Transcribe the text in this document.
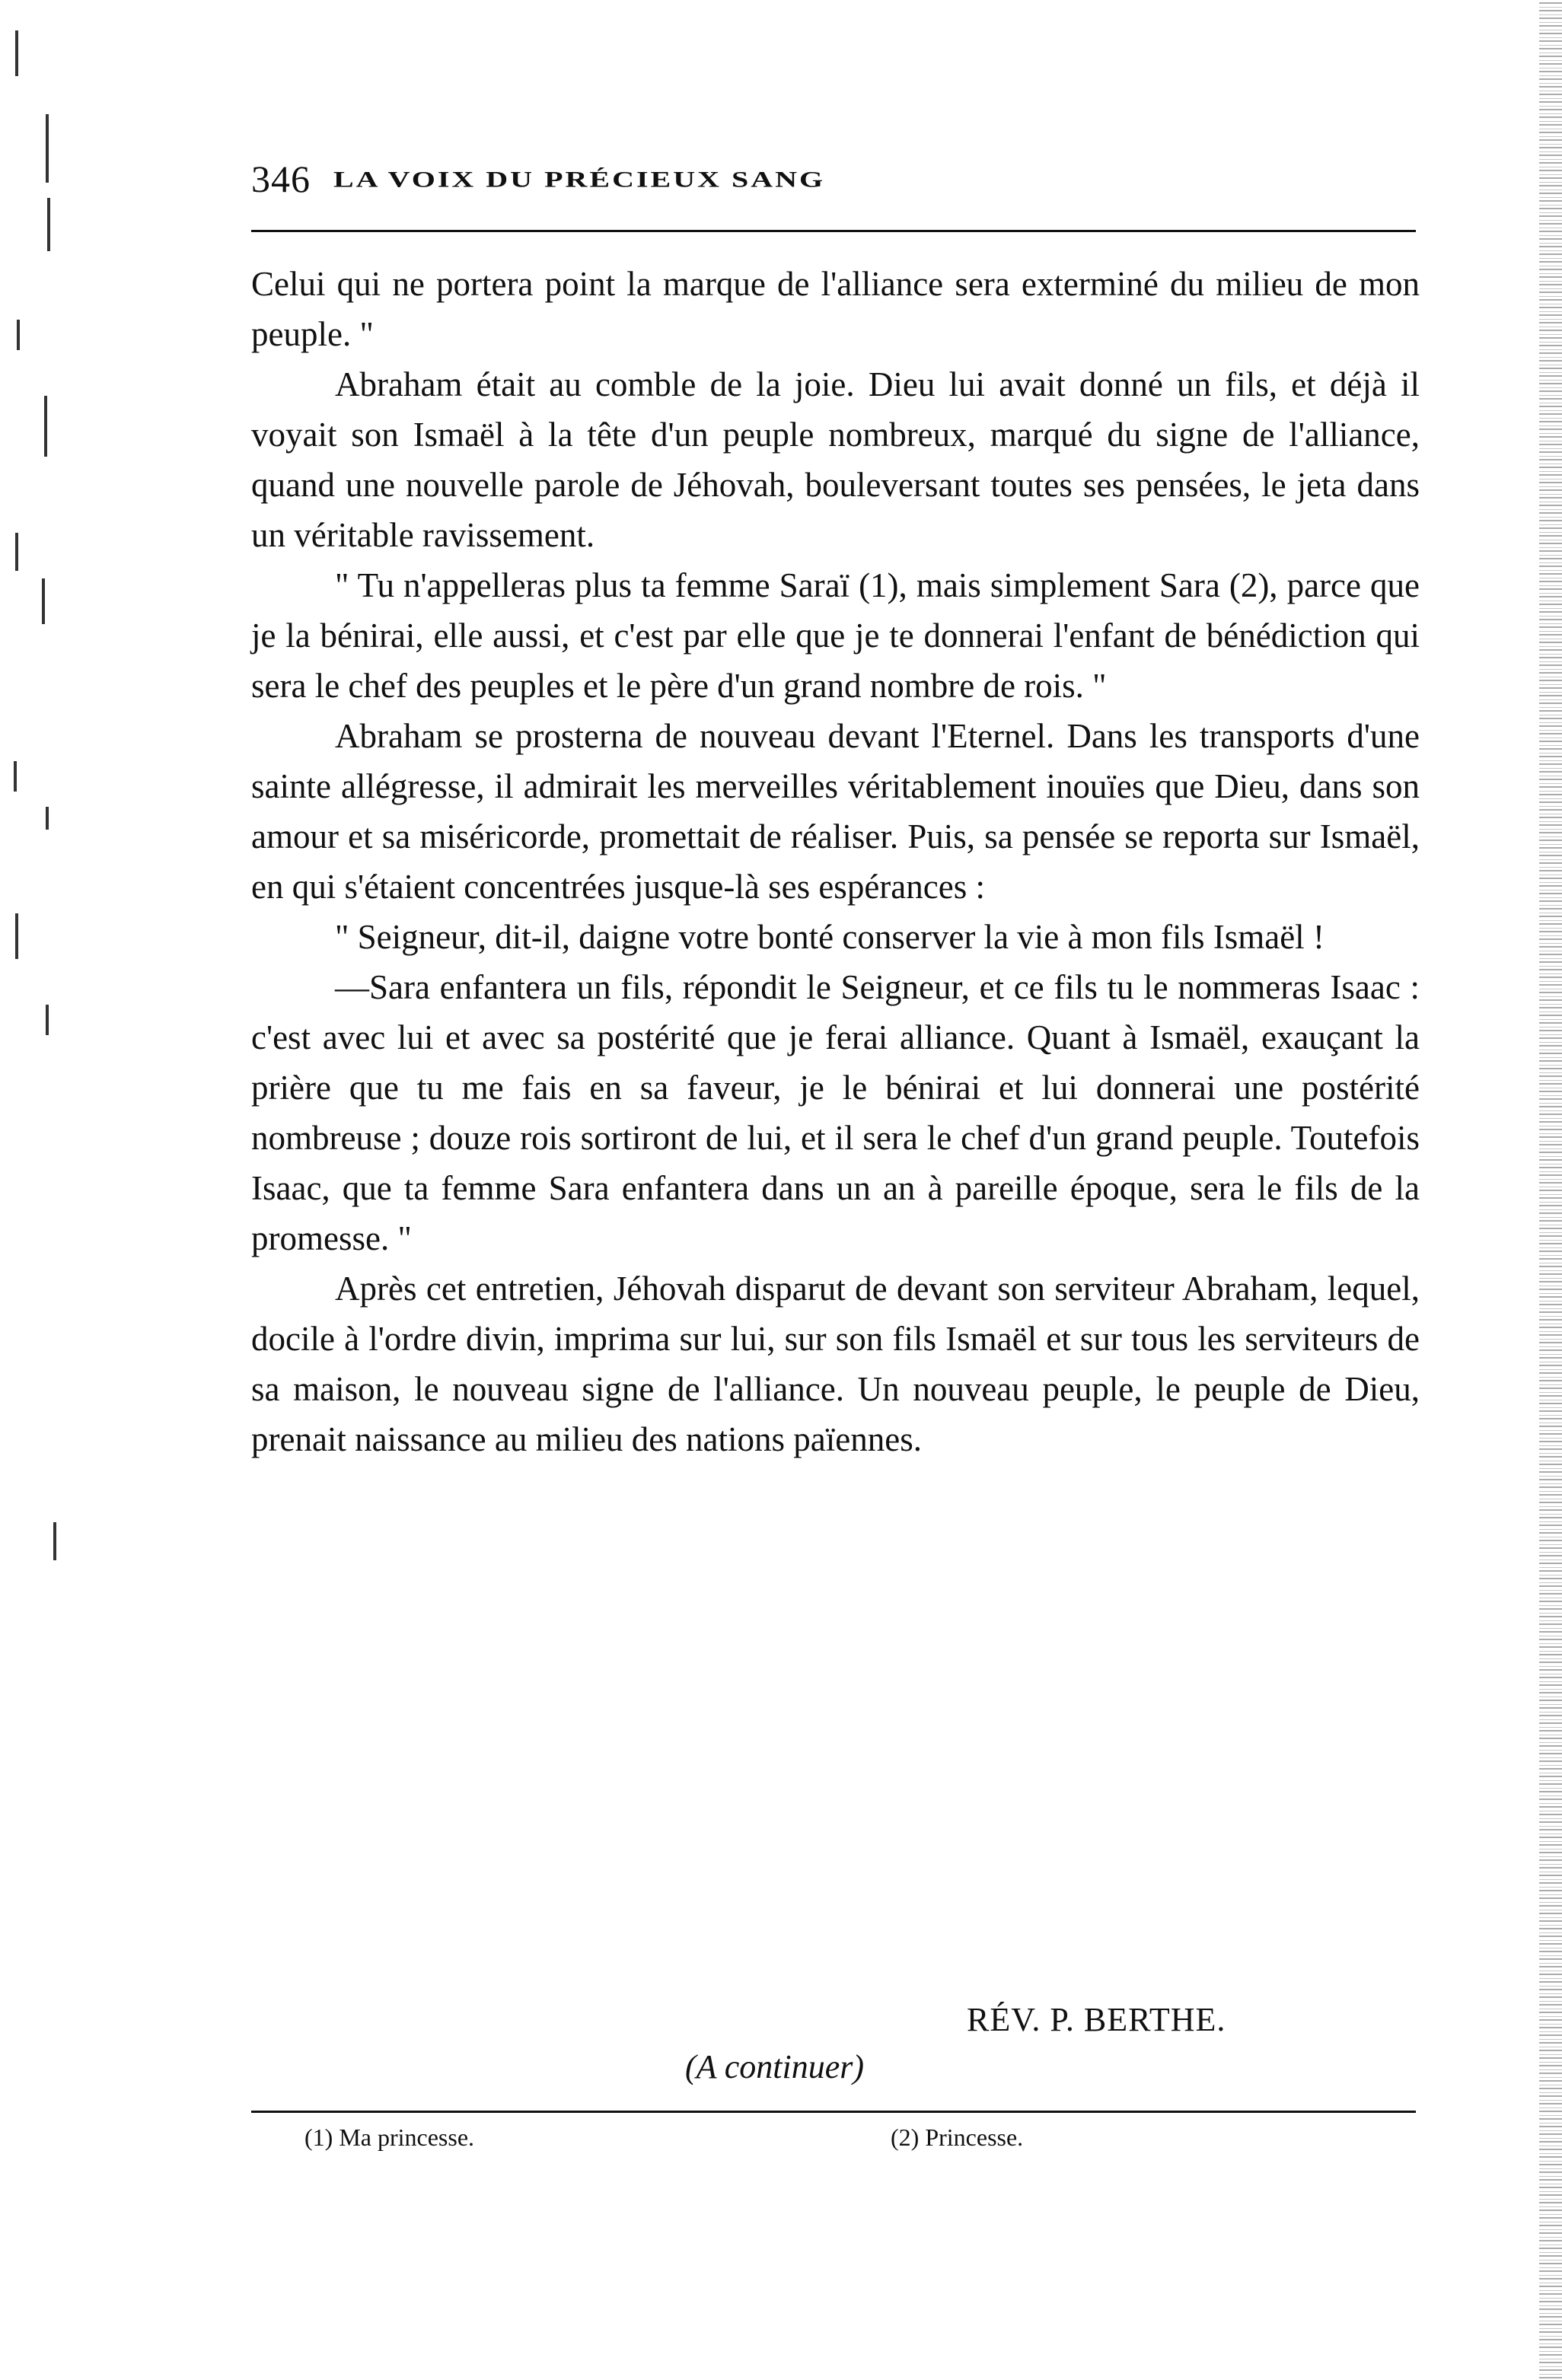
346 LA VOIX DU PRÉCIEUX SANG

Celui qui ne portera point la marque de l'alliance sera exterminé du milieu de mon peuple. "

Abraham était au comble de la joie. Dieu lui avait donné un fils, et déjà il voyait son Ismaël à la tête d'un peuple nombreux, marqué du signe de l'alliance, quand une nouvelle parole de Jéhovah, bouleversant toutes ses pensées, le jeta dans un véritable ravissement.

" Tu n'appelleras plus ta femme Saraï (1), mais simplement Sara (2), parce que je la bénirai, elle aussi, et c'est par elle que je te donnerai l'enfant de bénédiction qui sera le chef des peuples et le père d'un grand nombre de rois. "

Abraham se prosterna de nouveau devant l'Eternel. Dans les transports d'une sainte allégresse, il admirait les merveilles véritablement inouïes que Dieu, dans son amour et sa miséricorde, promettait de réaliser. Puis, sa pensée se reporta sur Ismaël, en qui s'étaient concentrées jusque-là ses espérances :

" Seigneur, dit-il, daigne votre bonté conserver la vie à mon fils Ismaël !

—Sara enfantera un fils, répondit le Seigneur, et ce fils tu le nommeras Isaac : c'est avec lui et avec sa postérité que je ferai alliance. Quant à Ismaël, exauçant la prière que tu me fais en sa faveur, je le bénirai et lui donnerai une postérité nombreuse ; douze rois sortiront de lui, et il sera le chef d'un grand peuple. Toutefois Isaac, que ta femme Sara enfantera dans un an à pareille époque, sera le fils de la promesse. "

Après cet entretien, Jéhovah disparut de devant son serviteur Abraham, lequel, docile à l'ordre divin, imprima sur lui, sur son fils Ismaël et sur tous les serviteurs de sa maison, le nouveau signe de l'alliance. Un nouveau peuple, le peuple de Dieu, prenait naissance au milieu des nations païennes.

RÉV. P. BERTHE.
(A continuer)
(1) Ma princesse.	(2) Princesse.
